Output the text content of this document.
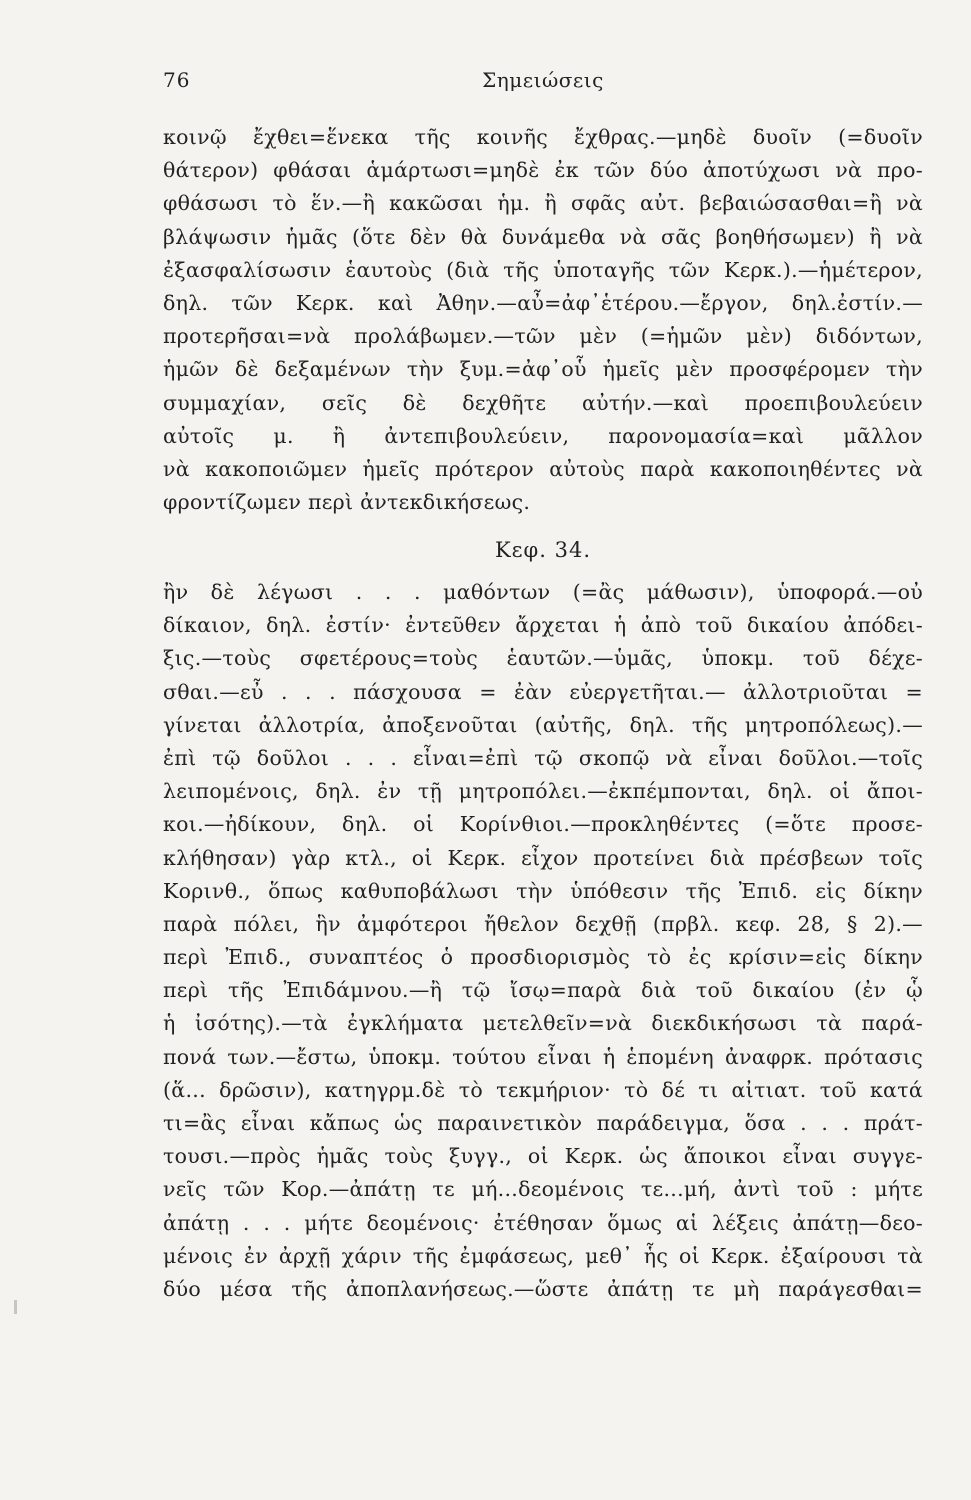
76	Σημειώσεις
κοινῷ ἔχθει=ἕνεκα τῆς κοινῆς ἔχθρας.—μηδὲ δυοῖν (=δυοῖν
θάτερον) φθάσαι ἁμάρτωσι=μηδὲ ἐκ τῶν δύο ἀποτύχωσι νὰ προ-
φθάσωσι τὸ ἕν.—ἢ κακῶσαι ἡμ. ἢ σφᾶς αὐτ. βεβαιώσασθαι=ἢ νὰ
βλάψωσιν ἡμᾶς (ὅτε δὲν θὰ δυνάμεθα νὰ σᾶς βοηθήσωμεν) ἢ νὰ
ἐξασφαλίσωσιν ἑαυτοὺς (διὰ τῆς ὑποταγῆς τῶν Κερκ.).—ἡμέτερον,
δηλ. τῶν Κερκ. καὶ Ἀθην.—αὖ=ἀφ᾽ἑτέρου.—ἔργον, δηλ.ἐστίν.—
προτερῆσαι=νὰ προλάβωμεν.—τῶν μὲν (=ἡμῶν μὲν) διδόντων,
ἡμῶν δὲ δεξαμένων τὴν ξυμ.=ἀφ᾽οὗ ἡμεῖς μὲν προσφέρομεν τὴν
συμμαχίαν, σεῖς δὲ δεχθῆτε αὐτήν.—καὶ προεπιβουλεύειν
αὐτοῖς μ. ἢ ἀντεπιβουλεύειν, παρονομασία=καὶ μᾶλλον
νὰ κακοποιῶμεν ἡμεῖς πρότερον αὐτοὺς παρὰ κακοποιηθέντες νὰ
φροντίζωμεν περὶ ἀντεκδικήσεως.
Κεφ. 34.
ἢν δὲ λέγωσι . . . μαθόντων (=ἂς μάθωσιν), ὑποφορά.—οὐ
δίκαιον, δηλ. ἐστίν· ἐντεῦθεν ἄρχεται ἡ ἀπὸ τοῦ δικαίου ἀπόδει-
ξις.—τοὺς σφετέρους=τοὺς ἑαυτῶν.—ὑμᾶς, ὑποκμ. τοῦ δέχε-
σθαι.—εὖ . . . πάσχουσα = ἐὰν εὐεργετῆται.— ἀλλοτριοῦται =
γίνεται ἀλλοτρία, ἀποξενοῦται (αὐτῆς, δηλ. τῆς μητροπόλεως).—
ἐπὶ τῷ δοῦλοι . . . εἶναι=ἐπὶ τῷ σκοπῷ νὰ εἶναι δοῦλοι.—τοῖς
λειπομένοις, δηλ. ἐν τῇ μητροπόλει.—ἐκπέμπονται, δηλ. οἱ ἄποι-
κοι.—ἠδίκουν, δηλ. οἱ Κορίνθιοι.—προκληθέντες (=ὅτε προσε-
κλήθησαν) γὰρ κτλ., οἱ Κερκ. εἶχον προτείνει διὰ πρέσβεων τοῖς
Κορινθ., ὅπως καθυποβάλωσι τὴν ὑπόθεσιν τῆς Ἐπιδ. εἰς δίκην
παρὰ πόλει, ἣν ἀμφότεροι ἤθελον δεχθῇ (πρβλ. κεφ. 28, § 2).—
περὶ Ἐπιδ., συναπτέος ὁ προσδιορισμὸς τὸ ἐς κρίσιν=εἰς δίκην
περὶ τῆς Ἐπιδάμνου.—ἢ τῷ ἴσῳ=παρὰ διὰ τοῦ δικαίου (ἐν ᾧ
ἡ ἰσότης).—τὰ ἐγκλήματα μετελθεῖν=νὰ διεκδικήσωσι τὰ παρά-
πονά των.—ἔστω, ὑποκμ. τούτου εἶναι ἡ ἑπομένη ἀναφρκ. πρότασις
(ἅ... δρῶσιν), κατηγρμ.δὲ τὸ τεκμήριον· τὸ δέ τι αἰτιατ. τοῦ κατά
τι=ἂς εἶναι κἄπως ὡς παραινετικὸν παράδειγμα, ὅσα . . . πράτ-
τουσι.—πρὸς ἡμᾶς τοὺς ξυγγ., οἱ Κερκ. ὡς ἄποικοι εἶναι συγγε-
νεῖς τῶν Κορ.—ἀπάτῃ τε μή...δεομένοις τε...μή, ἀντὶ τοῦ : μήτε
ἀπάτῃ . . . μήτε δεομένοις· ἐτέθησαν ὅμως αἱ λέξεις ἀπάτῃ—δεο-
μένοις ἐν ἀρχῇ χάριν τῆς ἐμφάσεως, μεθ᾽ ἧς οἱ Κερκ. ἐξαίρουσι τὰ
δύο μέσα τῆς ἀποπλανήσεως.—ὥστε ἀπάτῃ τε μὴ παράγεσθαι=
